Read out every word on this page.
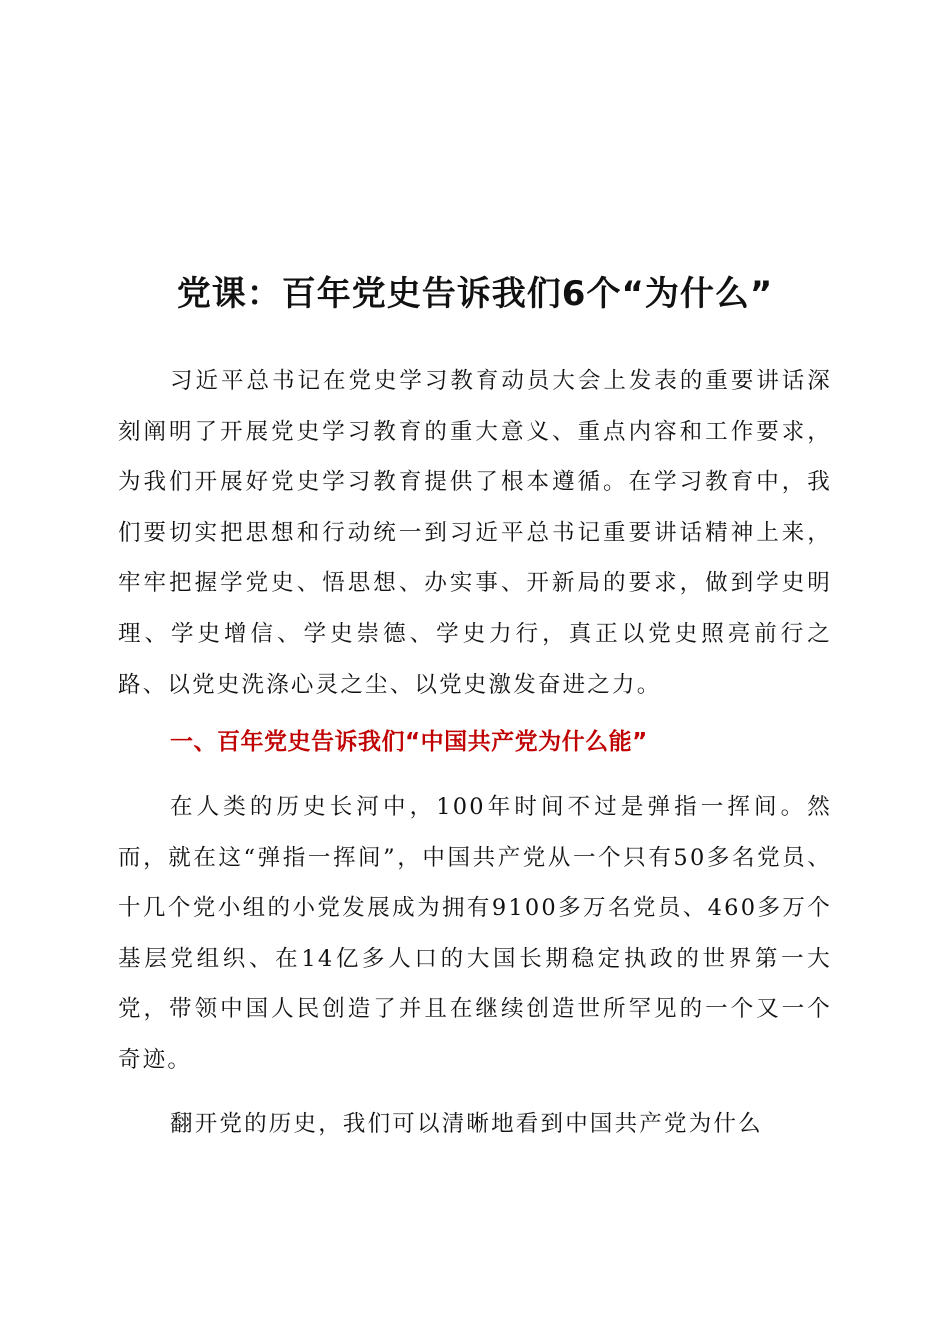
党课：百年党史告诉我们6个“为什么”

习近平总书记在党史学习教育动员大会上发表的重要讲话深刻阐明了开展党史学习教育的重大意义、重点内容和工作要求，为我们开展好党史学习教育提供了根本遵循。在学习教育中，我们要切实把思想和行动统一到习近平总书记重要讲话精神上来，牢牢把握学党史、悟思想、办实事、开新局的要求，做到学史明理、学史增信、学史崇德、学史力行，真正以党史照亮前行之路、以党史洗涤心灵之尘、以党史激发奋进之力。

一、百年党史告诉我们“中国共产党为什么能”

在人类的历史长河中，100年时间不过是弹指一挥间。然而，就在这“弹指一挥间”，中国共产党从一个只有50多名党员、十几个党小组的小党发展成为拥有9100多万名党员、460多万个基层党组织、在14亿多人口的大国长期稳定执政的世界第一大党，带领中国人民创造了并且在继续创造世所罕见的一个又一个奇迹。

翻开党的历史，我们可以清晰地看到中国共产党为什么
